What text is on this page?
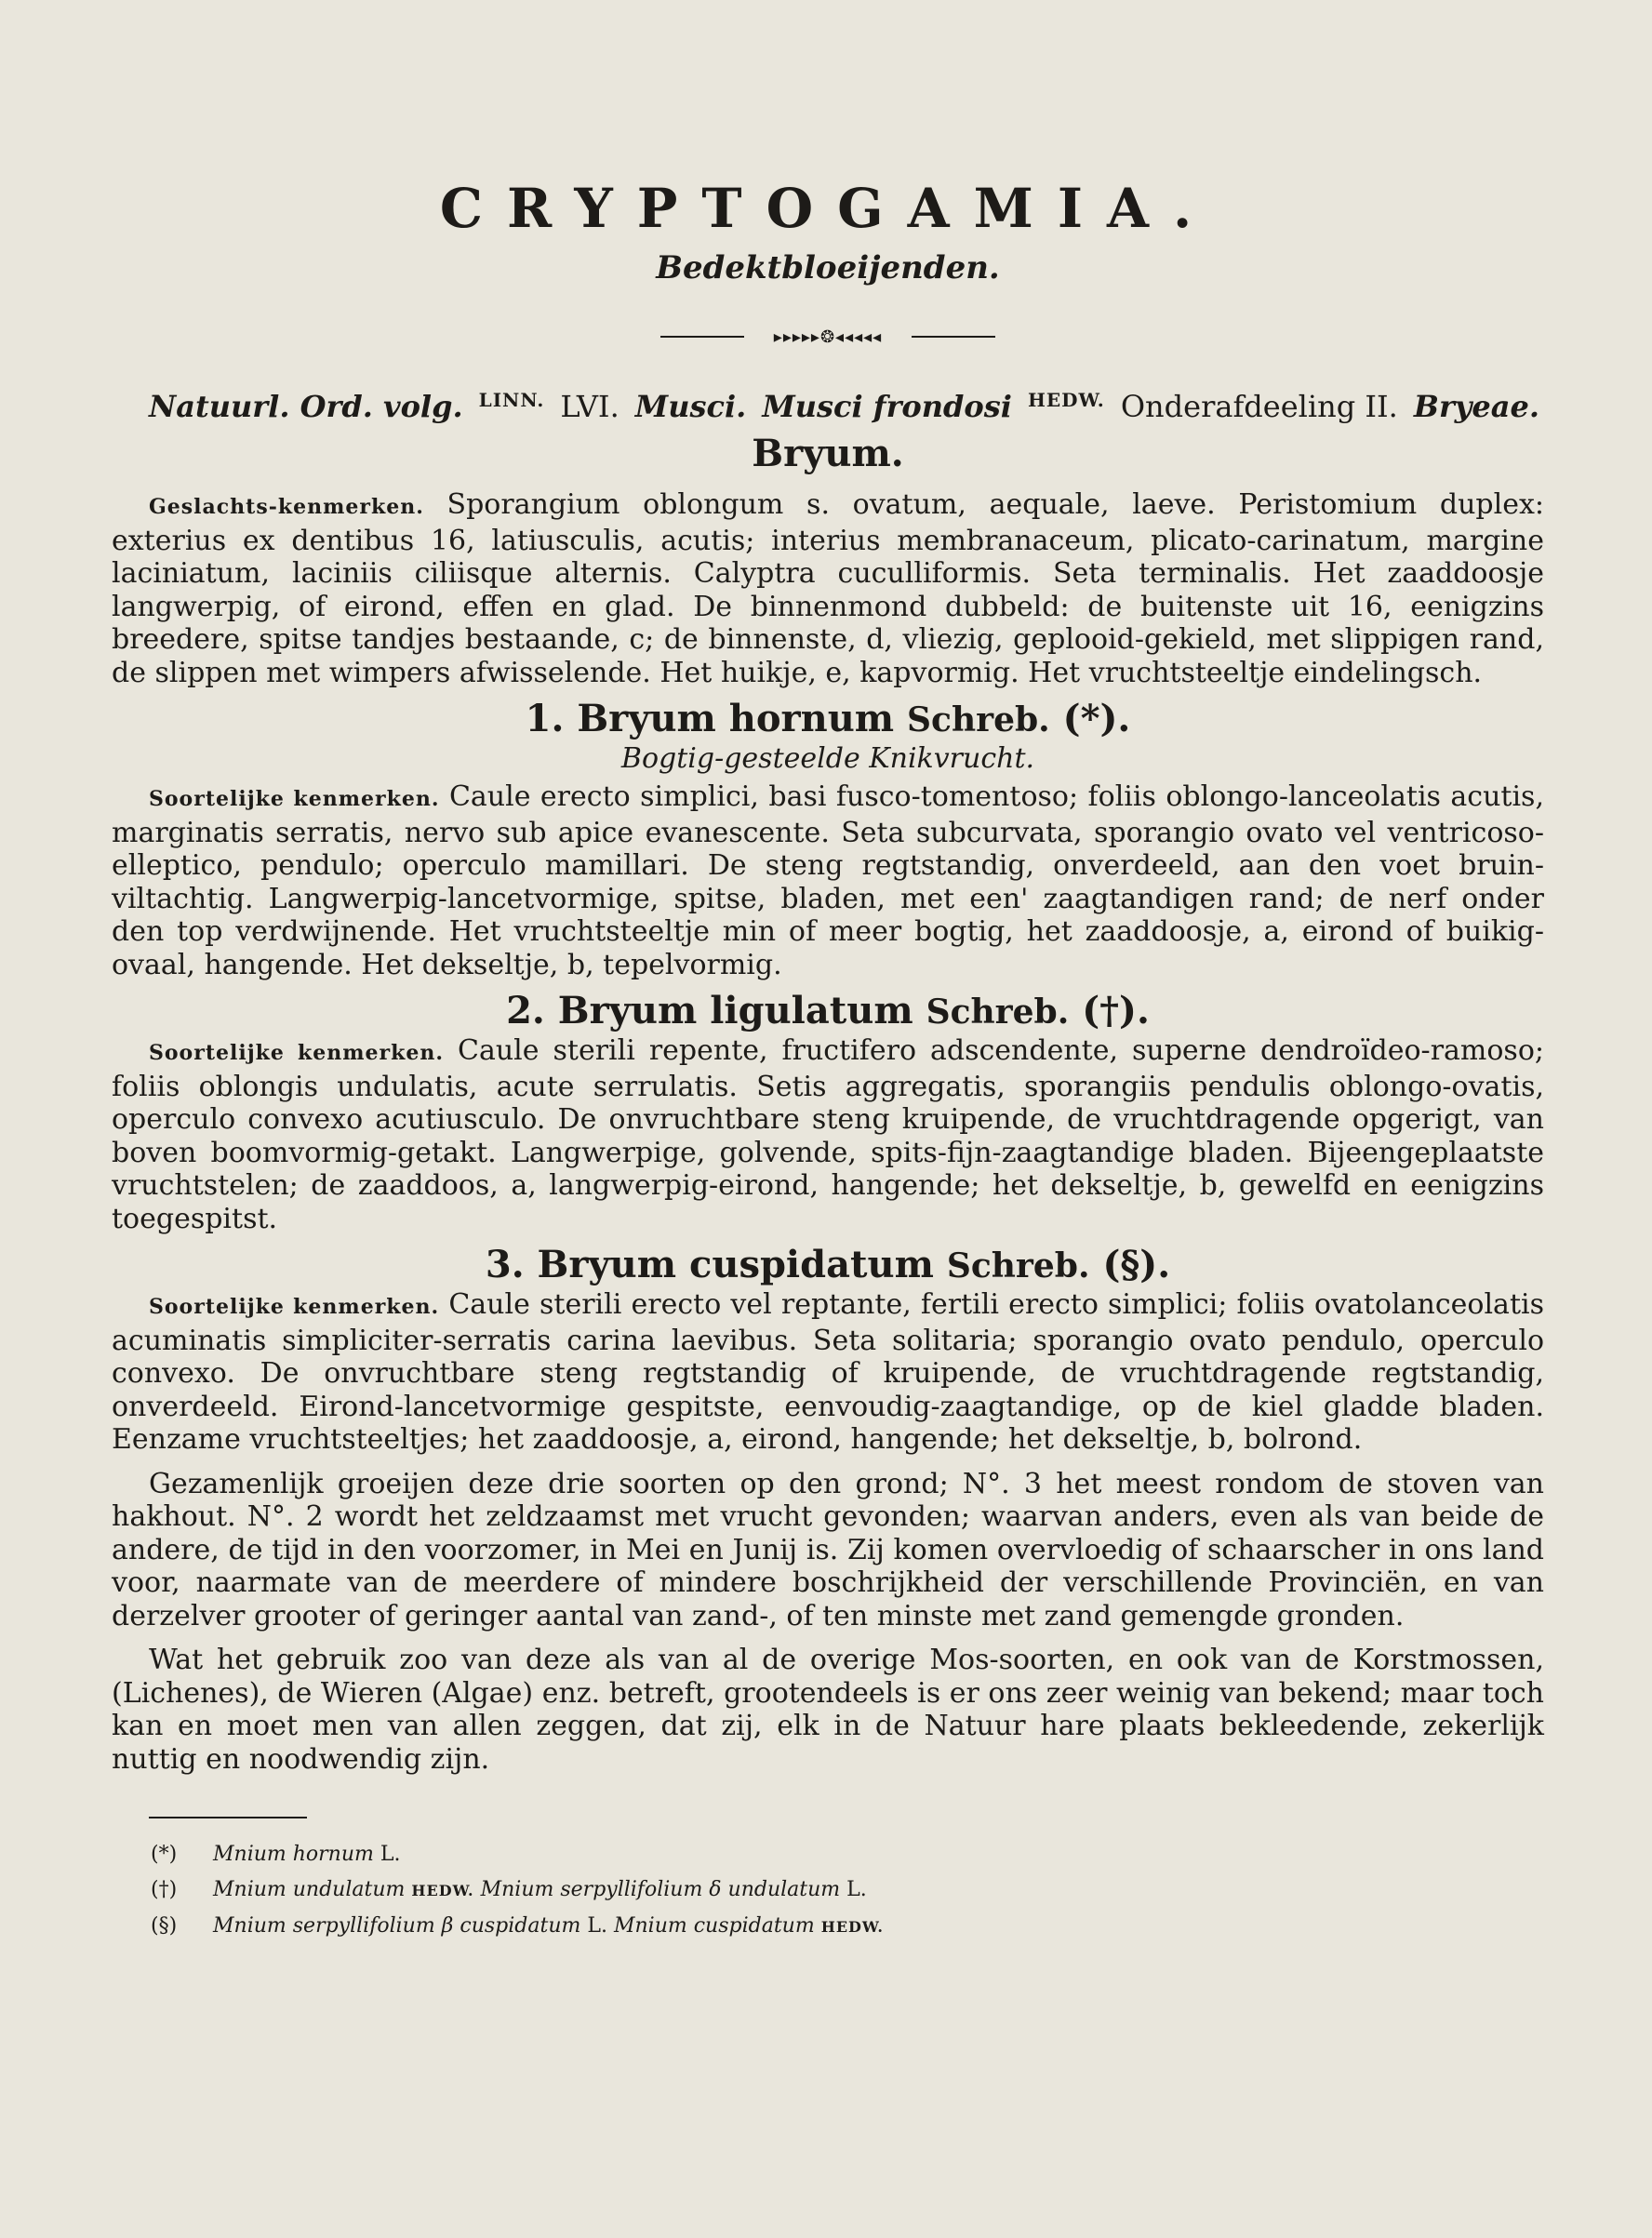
CRYPTOGAMIA.
Bedektbloeijenden.
▸▸▸▸▸❂◂◂◂◂◂
Natuurl. Ord. volg. LINN. LVI. Musci. Musci frondosi HEDW. Onderafdeeling II. Bryeae.
Bryum.

Geslachts-kenmerken. Sporangium oblongum s. ovatum, aequale, laeve. Peristomium duplex: exterius ex dentibus 16, latiusculis, acutis; interius membranaceum, plicato-carinatum, margine laciniatum, laciniis ciliisque alternis. Calyptra cuculliformis. Seta terminalis. Het zaaddoosje langwerpig, of eirond, effen en glad. De binnenmond dubbeld: de buitenste uit 16, eenigzins breedere, spitse tandjes bestaande, c; de binnenste, d, vliezig, geplooid-gekield, met slippigen rand, de slippen met wimpers afwisselende. Het huikje, e, kapvormig. Het vruchtsteeltje eindelingsch.

1. Bryum hornum Schreb. (*).
Bogtig-gesteelde Knikvrucht.

Soortelijke kenmerken. Caule erecto simplici, basi fusco-tomentoso; foliis oblongo-lanceolatis acutis, marginatis serratis, nervo sub apice evanescente. Seta subcurvata, sporangio ovato vel ventricoso-elleptico, pendulo; operculo mamillari. De steng regtstandig, onverdeeld, aan den voet bruin-viltachtig. Langwerpig-lancetvormige, spitse, bladen, met een' zaagtandigen rand; de nerf onder den top verdwijnende. Het vruchtsteeltje min of meer bogtig, het zaaddoosje, a, eirond of buikig-ovaal, hangende. Het dekseltje, b, tepelvormig.

2. Bryum ligulatum Schreb. (†).

Soortelijke kenmerken. Caule sterili repente, fructifero adscendente, superne dendroïdeo-ramoso; foliis oblongis undulatis, acute serrulatis. Setis aggregatis, sporangiis pendulis oblongo-ovatis, operculo convexo acutiusculo. De onvruchtbare steng kruipende, de vruchtdragende opgerigt, van boven boomvormig-getakt. Langwerpige, golvende, spits-fijn-zaagtandige bladen. Bijeengeplaatste vruchtstelen; de zaaddoos, a, langwerpig-eirond, hangende; het dekseltje, b, gewelfd en eenigzins toegespitst.

3. Bryum cuspidatum Schreb. (§).

Soortelijke kenmerken. Caule sterili erecto vel reptante, fertili erecto simplici; foliis ovatolanceolatis acuminatis simpliciter-serratis carina laevibus. Seta solitaria; sporangio ovato pendulo, operculo convexo. De onvruchtbare steng regtstandig of kruipende, de vruchtdragende regtstandig, onverdeeld. Eirond-lancetvormige gespitste, eenvoudig-zaagtandige, op de kiel gladde bladen. Eenzame vruchtsteeltjes; het zaaddoosje, a, eirond, hangende; het dekseltje, b, bolrond.

Gezamenlijk groeijen deze drie soorten op den grond; N°. 3 het meest rondom de stoven van hakhout. N°. 2 wordt het zeldzaamst met vrucht gevonden; waarvan anders, even als van beide de andere, de tijd in den voorzomer, in Mei en Junij is. Zij komen overvloedig of schaarscher in ons land voor, naarmate van de meerdere of mindere boschrijkheid der verschillende Provinciën, en van derzelver grooter of geringer aantal van zand-, of ten minste met zand gemengde gronden.

Wat het gebruik zoo van deze als van al de overige Mos-soorten, en ook van de Korstmossen, (Lichenes), de Wieren (Algae) enz. betreft, grootendeels is er ons zeer weinig van bekend; maar toch kan en moet men van allen zeggen, dat zij, elk in de Natuur hare plaats bekleedende, zekerlijk nuttig en noodwendig zijn.

(*) Mnium hornum L.
(†) Mnium undulatum HEDW. Mnium serpyllifolium δ undulatum L.
(§) Mnium serpyllifolium β cuspidatum L. Mnium cuspidatum HEDW.
